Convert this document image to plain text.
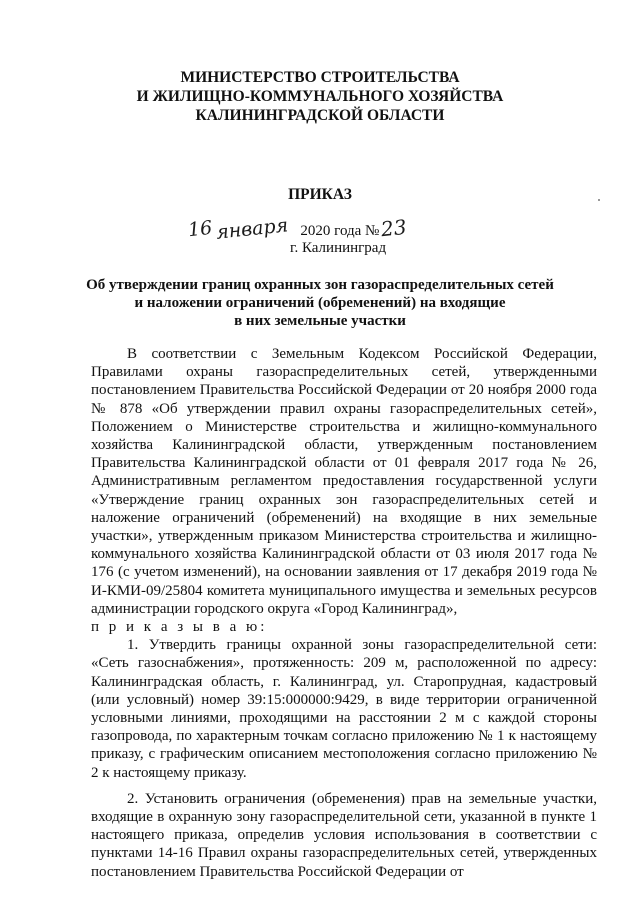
МИНИСТЕРСТВО СТРОИТЕЛЬСТВА
И ЖИЛИЩНО-КОММУНАЛЬНОГО ХОЗЯЙСТВА
КАЛИНИНГРАДСКОЙ ОБЛАСТИ
ПРИКАЗ
16 января 2020 года №23
г. Калининград
Об утверждении границ охранных зон газораспределительных сетей
и наложении ограничений (обременений) на входящие
в них земельные участки

В соответствии с Земельным Кодексом Российской Федерации, Правилами охраны газораспределительных сетей, утвержденными постановлением Правительства Российской Федерации от 20 ноября 2000 года № 878 «Об утверждении правил охраны газораспределительных сетей», Положением о Министерстве строительства и жилищно-коммунального хозяйства Калининградской области, утвержденным постановлением Правительства Калининградской области от 01 февраля 2017 года № 26, Административным регламентом предоставления государственной услуги «Утверждение границ охранных зон газораспределительных сетей и наложение ограничений (обременений) на входящие в них земельные участки», утвержденным приказом Министерства строительства и жилищно-коммунального хозяйства Калининградской области от 03 июля 2017 года № 176 (с учетом изменений), на основании заявления от 17 декабря 2019 года № И-КМИ-09/25804 комитета муниципального имущества и земельных ресурсов администрации городского округа «Город Калининград»,
п р и к а з ы в а ю:

1. Утвердить границы охранной зоны газораспределительной сети: «Сеть газоснабжения», протяженность: 209 м, расположенной по адресу: Калининградская область, г. Калининград, ул. Старопрудная, кадастровый (или условный) номер 39:15:000000:9429, в виде территории ограниченной условными линиями, проходящими на расстоянии 2 м с каждой стороны газопровода, по характерным точкам согласно приложению № 1 к настоящему приказу, с графическим описанием местоположения согласно приложению № 2 к настоящему приказу.

2. Установить ограничения (обременения) прав на земельные участки, входящие в охранную зону газораспределительной сети, указанной в пункте 1 настоящего приказа, определив условия использования в соответствии с пунктами 14-16 Правил охраны газораспределительных сетей, утвержденных постановлением Правительства Российской Федерации от
